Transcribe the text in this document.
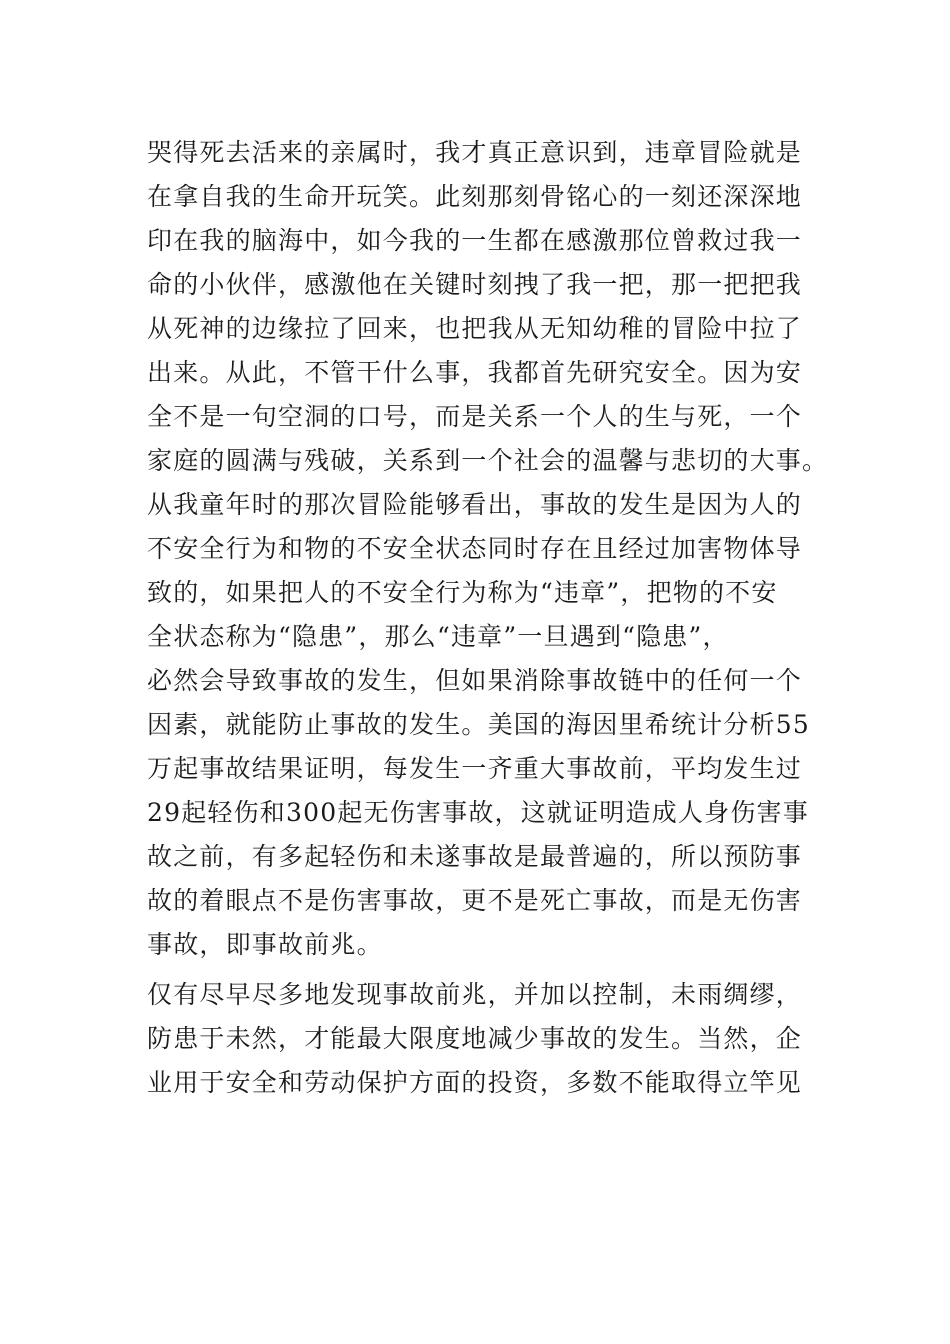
哭得死去活来的亲属时，我才真正意识到，违章冒险就是
在拿自我的生命开玩笑。此刻那刻骨铭心的一刻还深深地
印在我的脑海中，如今我的一生都在感激那位曾救过我一
命的小伙伴，感激他在关键时刻拽了我一把，那一把把我
从死神的边缘拉了回来，也把我从无知幼稚的冒险中拉了
出来。从此，不管干什么事，我都首先研究安全。因为安
全不是一句空洞的口号，而是关系一个人的生与死，一个
家庭的圆满与残破，关系到一个社会的温馨与悲切的大事。
从我童年时的那次冒险能够看出，事故的发生是因为人的
不安全行为和物的不安全状态同时存在且经过加害物体导
致的，如果把人的不安全行为称为“违章”，把物的不安
全状态称为“隐患”，那么“违章”一旦遇到“隐患”，
必然会导致事故的发生，但如果消除事故链中的任何一个
因素，就能防止事故的发生。美国的海因里希统计分析55
万起事故结果证明，每发生一齐重大事故前，平均发生过
29起轻伤和300起无伤害事故，这就证明造成人身伤害事
故之前，有多起轻伤和未遂事故是最普遍的，所以预防事
故的着眼点不是伤害事故，更不是死亡事故，而是无伤害
事故，即事故前兆。
仅有尽早尽多地发现事故前兆，并加以控制，未雨绸缪，
防患于未然，才能最大限度地减少事故的发生。当然，企
业用于安全和劳动保护方面的投资，多数不能取得立竿见
